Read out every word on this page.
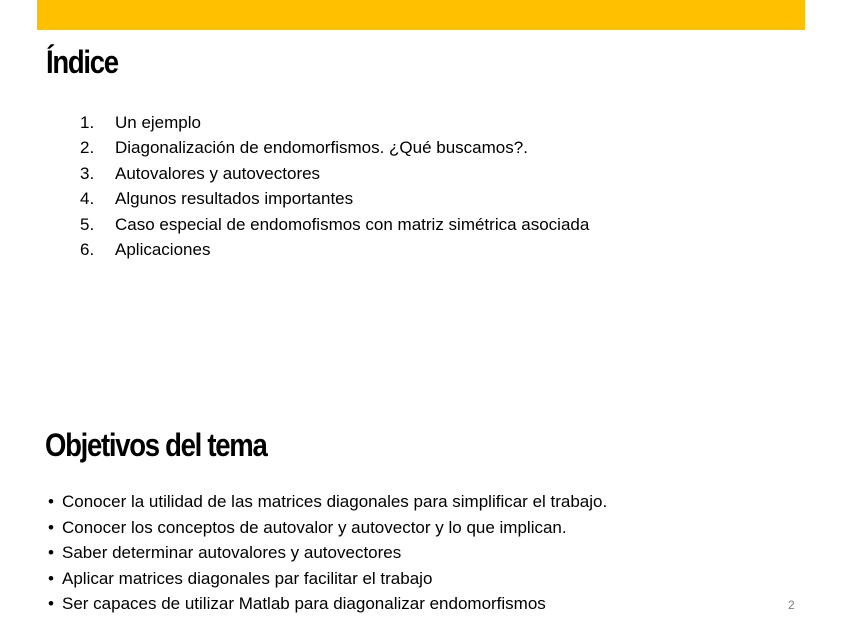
Índice
1. Un ejemplo
2. Diagonalización de endomorfismos. ¿Qué buscamos?.
3. Autovalores y autovectores
4. Algunos resultados importantes
5. Caso especial de endomofismos con matriz simétrica asociada
6. Aplicaciones
Objetivos del tema
• Conocer la utilidad de las matrices diagonales para simplificar el trabajo.
• Conocer los conceptos de autovalor y autovector y lo que implican.
• Saber determinar autovalores y autovectores
• Aplicar matrices diagonales par facilitar el trabajo
• Ser capaces de utilizar Matlab para diagonalizar endomorfismos	2
